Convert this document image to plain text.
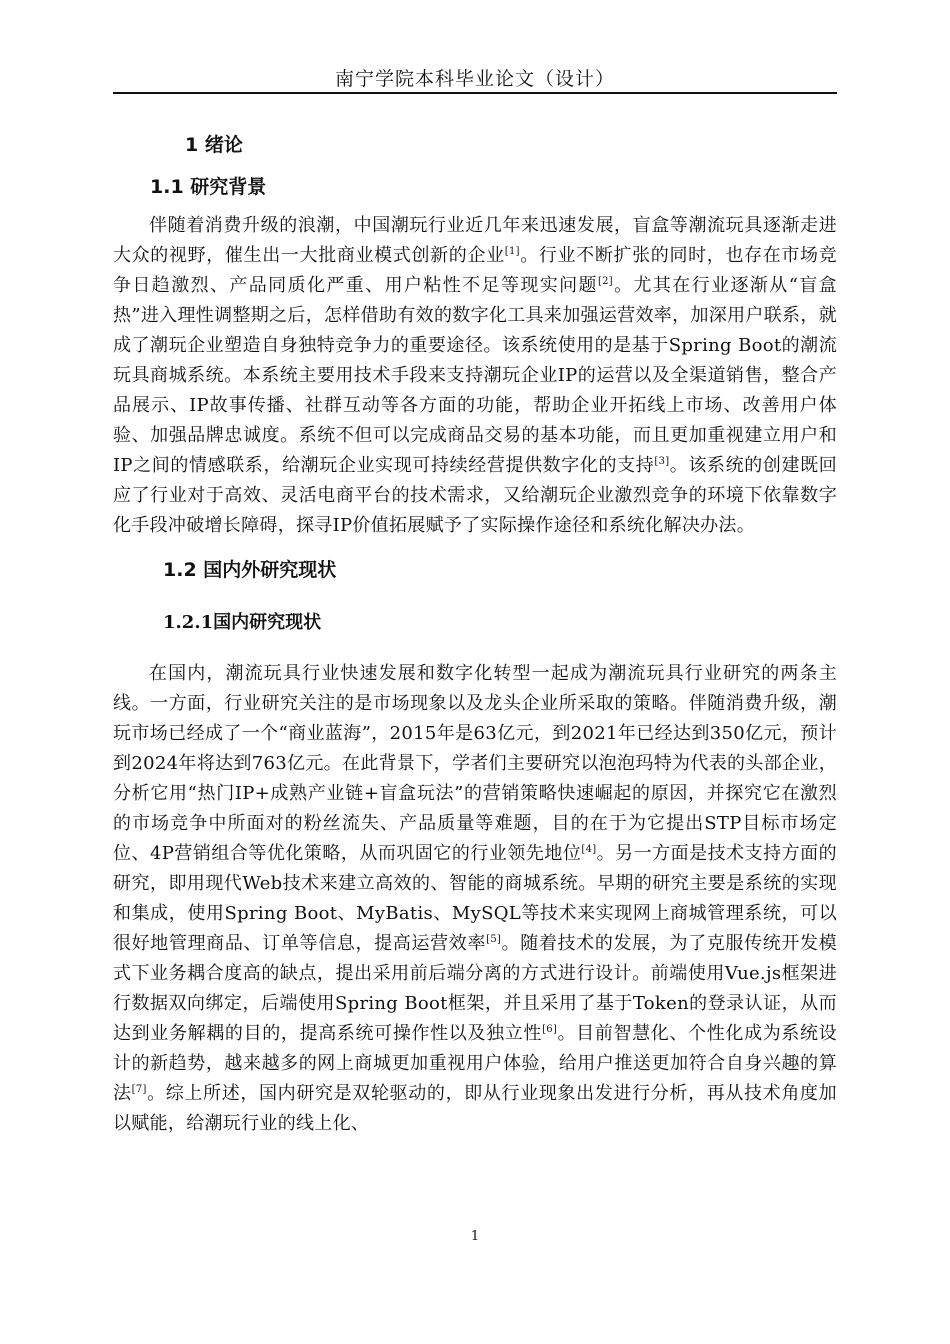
南宁学院本科毕业论文（设计）
1 绪论
1.1 研究背景

伴随着消费升级的浪潮，中国潮玩行业近几年来迅速发展，盲盒等潮流玩具逐渐走进大众的视野，催生出一大批商业模式创新的企业[1]。行业不断扩张的同时，也存在市场竞争日趋激烈、产品同质化严重、用户粘性不足等现实问题[2]。尤其在行业逐渐从“盲盒热”进入理性调整期之后，怎样借助有效的数字化工具来加强运营效率，加深用户联系，就成了潮玩企业塑造自身独特竞争力的重要途径。该系统使用的是基于Spring Boot的潮流玩具商城系统。本系统主要用技术手段来支持潮玩企业IP的运营以及全渠道销售，整合产品展示、IP故事传播、社群互动等各方面的功能，帮助企业开拓线上市场、改善用户体验、加强品牌忠诚度。系统不但可以完成商品交易的基本功能，而且更加重视建立用户和IP之间的情感联系，给潮玩企业实现可持续经营提供数字化的支持[3]。该系统的创建既回应了行业对于高效、灵活电商平台的技术需求，又给潮玩企业激烈竞争的环境下依靠数字化手段冲破增长障碍，探寻IP价值拓展赋予了实际操作途径和系统化解决办法。

1.2 国内外研究现状
1.2.1国内研究现状

在国内，潮流玩具行业快速发展和数字化转型一起成为潮流玩具行业研究的两条主线。一方面，行业研究关注的是市场现象以及龙头企业所采取的策略。伴随消费升级，潮玩市场已经成了一个“商业蓝海”，2015年是63亿元，到2021年已经达到350亿元，预计到2024年将达到763亿元。在此背景下，学者们主要研究以泡泡玛特为代表的头部企业，分析它用“热门IP+成熟产业链+盲盒玩法”的营销策略快速崛起的原因，并探究它在激烈的市场竞争中所面对的粉丝流失、产品质量等难题，目的在于为它提出STP目标市场定位、4P营销组合等优化策略，从而巩固它的行业领先地位[4]。另一方面是技术支持方面的研究，即用现代Web技术来建立高效的、智能的商城系统。早期的研究主要是系统的实现和集成，使用Spring Boot、MyBatis、MySQL等技术来实现网上商城管理系统，可以很好地管理商品、订单等信息，提高运营效率[5]。随着技术的发展，为了克服传统开发模式下业务耦合度高的缺点，提出采用前后端分离的方式进行设计。前端使用Vue.js框架进行数据双向绑定，后端使用Spring Boot框架，并且采用了基于Token的登录认证，从而达到业务解耦的目的，提高系统可操作性以及独立性[6]。目前智慧化、个性化成为系统设计的新趋势，越来越多的网上商城更加重视用户体验，给用户推送更加符合自身兴趣的算法[7]。综上所述，国内研究是双轮驱动的，即从行业现象出发进行分析，再从技术角度加以赋能，给潮玩行业的线上化、

1
